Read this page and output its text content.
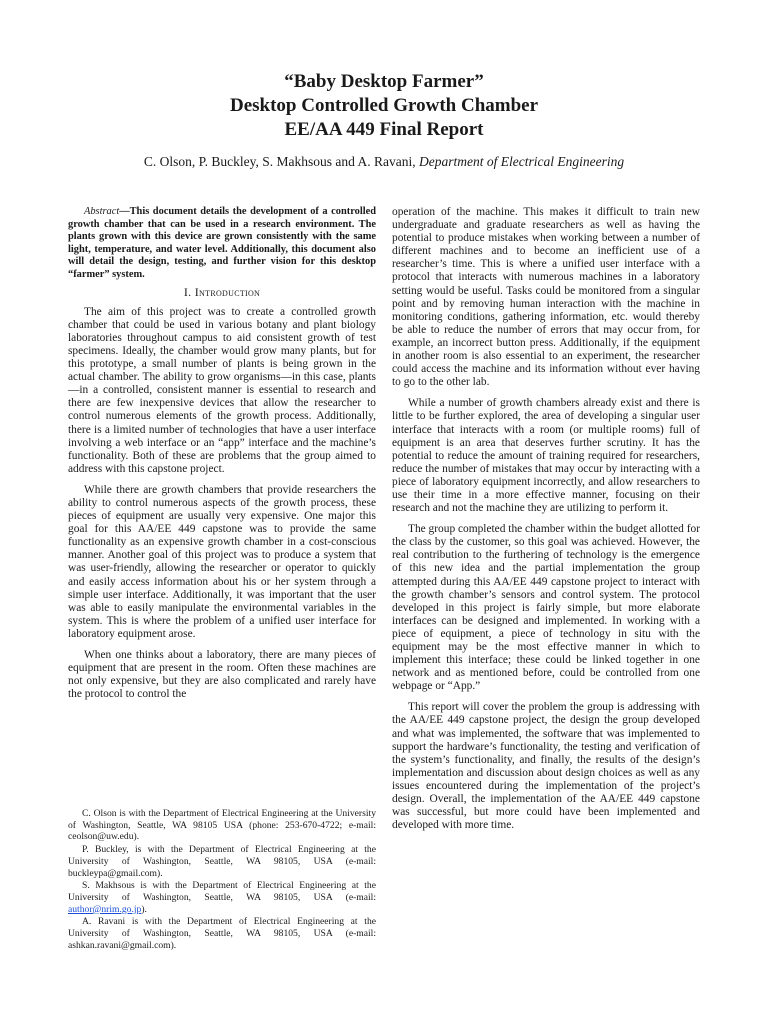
“Baby Desktop Farmer”
Desktop Controlled Growth Chamber
EE/AA 449 Final Report
C. Olson, P. Buckley, S. Makhsous and A. Ravani, Department of Electrical Engineering

Abstract—This document details the development of a controlled growth chamber that can be used in a research environment. The plants grown with this device are grown consistently with the same light, temperature, and water level. Additionally, this document also will detail the design, testing, and further vision for this desktop “farmer” system.

I. Introduction

The aim of this project was to create a controlled growth chamber that could be used in various botany and plant biology laboratories throughout campus to aid consistent growth of test specimens. Ideally, the chamber would grow many plants, but for this prototype, a small number of plants is being grown in the actual chamber. The ability to grow organisms—in this case, plants—in a controlled, consistent manner is essential to research and there are few inexpensive devices that allow the researcher to control numerous elements of the growth process. Additionally, there is a limited number of technologies that have a user interface involving a web interface or an “app” interface and the machine’s functionality. Both of these are problems that the group aimed to address with this capstone project.

While there are growth chambers that provide researchers the ability to control numerous aspects of the growth process, these pieces of equipment are usually very expensive. One major this goal for this AA/EE 449 capstone was to provide the same functionality as an expensive growth chamber in a cost-conscious manner. Another goal of this project was to produce a system that was user-friendly, allowing the researcher or operator to quickly and easily access information about his or her system through a simple user interface. Additionally, it was important that the user was able to easily manipulate the environmental variables in the system. This is where the problem of a unified user interface for laboratory equipment arose.

When one thinks about a laboratory, there are many pieces of equipment that are present in the room. Often these machines are not only expensive, but they are also complicated and rarely have the protocol to control the

operation of the machine. This makes it difficult to train new undergraduate and graduate researchers as well as having the potential to produce mistakes when working between a number of different machines and to become an inefficient use of a researcher’s time. This is where a unified user interface with a protocol that interacts with numerous machines in a laboratory setting would be useful. Tasks could be monitored from a singular point and by removing human interaction with the machine in monitoring conditions, gathering information, etc. would thereby be able to reduce the number of errors that may occur from, for example, an incorrect button press. Additionally, if the equipment in another room is also essential to an experiment, the researcher could access the machine and its information without ever having to go to the other lab.

While a number of growth chambers already exist and there is little to be further explored, the area of developing a singular user interface that interacts with a room (or multiple rooms) full of equipment is an area that deserves further scrutiny. It has the potential to reduce the amount of training required for researchers, reduce the number of mistakes that may occur by interacting with a piece of laboratory equipment incorrectly, and allow researchers to use their time in a more effective manner, focusing on their research and not the machine they are utilizing to perform it.

The group completed the chamber within the budget allotted for the class by the customer, so this goal was achieved. However, the real contribution to the furthering of technology is the emergence of this new idea and the partial implementation the group attempted during this AA/EE 449 capstone project to interact with the growth chamber’s sensors and control system. The protocol developed in this project is fairly simple, but more elaborate interfaces can be designed and implemented. In working with a piece of equipment, a piece of technology in situ with the equipment may be the most effective manner in which to implement this interface; these could be linked together in one network and as mentioned before, could be controlled from one webpage or “App.”

This report will cover the problem the group is addressing with the AA/EE 449 capstone project, the design the group developed and what was implemented, the software that was implemented to support the hardware’s functionality, the testing and verification of the system’s functionality, and finally, the results of the design’s implementation and discussion about design choices as well as any issues encountered during the implementation of the project’s design. Overall, the implementation of the AA/EE 449 capstone was successful, but more could have been implemented and developed with more time.

C. Olson is with the Department of Electrical Engineering at the University of Washington, Seattle, WA 98105 USA (phone: 253-670-4722; e-mail: ceolson@uw.edu).
P. Buckley, is with the Department of Electrical Engineering at the University of Washington, Seattle, WA 98105, USA (e-mail: buckleypa@gmail.com).
S. Makhsous is with the Department of Electrical Engineering at the University of Washington, Seattle, WA 98105, USA (e-mail: author@nrim.go.jp).
A. Ravani is with the Department of Electrical Engineering at the University of Washington, Seattle, WA 98105, USA (e-mail: ashkan.ravani@gmail.com).
